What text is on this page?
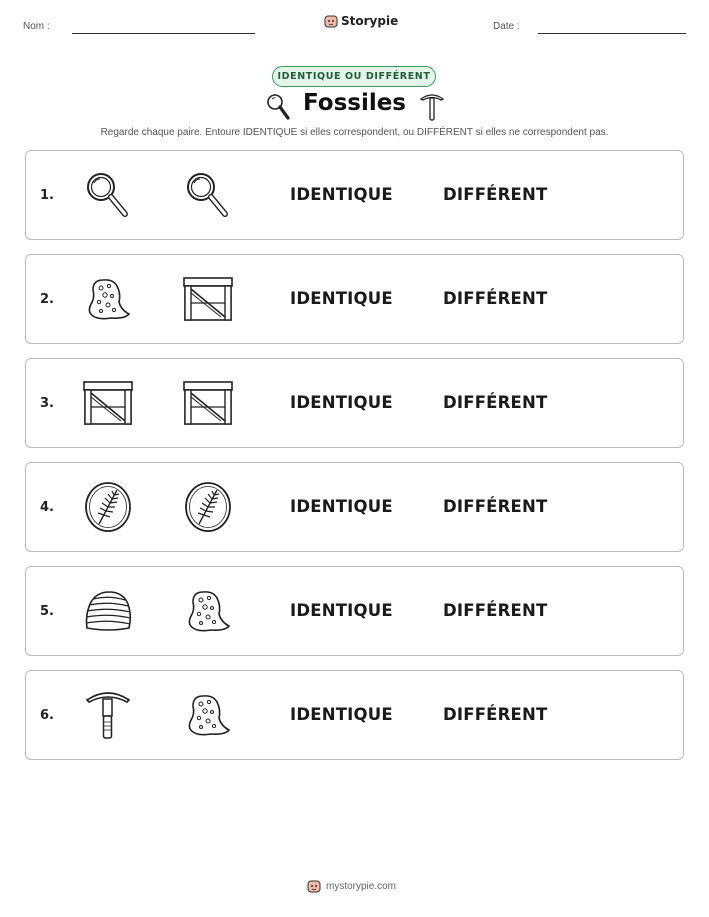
Nom :	Storypie	Date :
IDENTIQUE OU DIFFÉRENT
Fossiles
Regarde chaque paire. Entoure IDENTIQUE si elles correspondent, ou DIFFÉRENT si elles ne correspondent pas.
1.	IDENTIQUE	DIFFÉRENT
2.	IDENTIQUE	DIFFÉRENT
3.	IDENTIQUE	DIFFÉRENT
4.	IDENTIQUE	DIFFÉRENT
5.	IDENTIQUE	DIFFÉRENT
6.	IDENTIQUE	DIFFÉRENT
mystorypie.com
